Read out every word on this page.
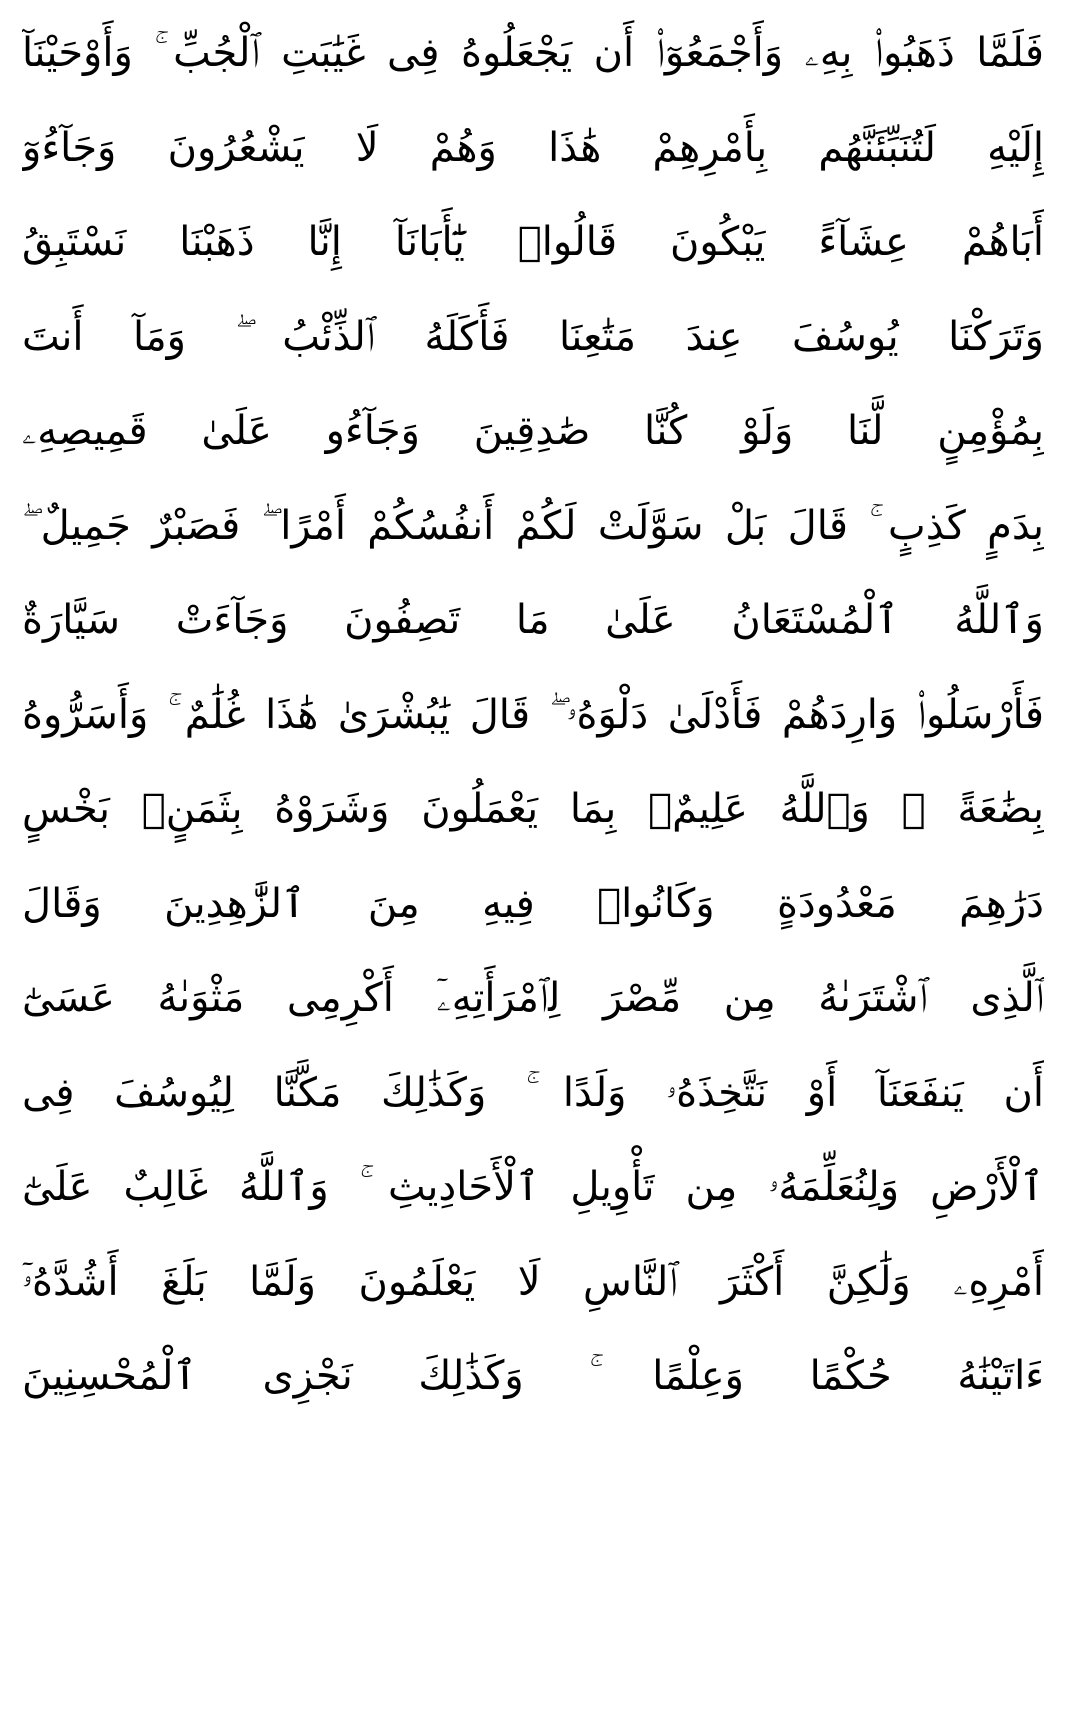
فَلَمَّا ذَهَبُوا۟ بِهِۦ وَأَجْمَعُوٓا۟ أَن يَجْعَلُوهُ فِى غَيَٰبَتِ ٱلْجُبِّ ۚ وَأَوْحَيْنَآ
إِلَيْهِ لَتُنَبِّئَنَّهُم بِأَمْرِهِمْ هَٰذَا وَهُمْ لَا يَشْعُرُونَ وَجَآءُوٓ
أَبَاهُمْ عِشَآءً يَبْكُونَ قَالُوا۟ يَٰٓأَبَانَآ إِنَّا ذَهَبْنَا نَسْتَبِقُ
وَتَرَكْنَا يُوسُفَ عِندَ مَتَٰعِنَا فَأَكَلَهُ ٱلذِّئْبُ ۖ وَمَآ أَنتَ
بِمُؤْمِنٍ لَّنَا وَلَوْ كُنَّا صَٰدِقِينَ وَجَآءُو عَلَىٰ قَمِيصِهِۦ
بِدَمٍ كَذِبٍ ۚ قَالَ بَلْ سَوَّلَتْ لَكُمْ أَنفُسُكُمْ أَمْرًا ۖ فَصَبْرٌ جَمِيلٌ ۖ
وَٱللَّهُ ٱلْمُسْتَعَانُ عَلَىٰ مَا تَصِفُونَ وَجَآءَتْ سَيَّارَةٌ
فَأَرْسَلُوا۟ وَارِدَهُمْ فَأَدْلَىٰ دَلْوَهُۥ ۖ قَالَ يَٰبُشْرَىٰ هَٰذَا غُلَٰمٌ ۚ وَأَسَرُّوهُ
بِضَٰعَةً ۚ وَٱللَّهُ عَلِيمٌۢ بِمَا يَعْمَلُونَ وَشَرَوْهُ بِثَمَنٍۭ بَخْسٍ
دَرَٰهِمَ مَعْدُودَةٍ وَكَانُوا۟ فِيهِ مِنَ ٱلزَّٰهِدِينَ وَقَالَ
ٱلَّذِى ٱشْتَرَىٰهُ مِن مِّصْرَ لِٱمْرَأَتِهِۦٓ أَكْرِمِى مَثْوَىٰهُ عَسَىٰٓ
أَن يَنفَعَنَآ أَوْ نَتَّخِذَهُۥ وَلَدًا ۚ وَكَذَٰلِكَ مَكَّنَّا لِيُوسُفَ فِى
ٱلْأَرْضِ وَلِنُعَلِّمَهُۥ مِن تَأْوِيلِ ٱلْأَحَادِيثِ ۚ وَٱللَّهُ غَالِبٌ عَلَىٰٓ
أَمْرِهِۦ وَلَٰكِنَّ أَكْثَرَ ٱلنَّاسِ لَا يَعْلَمُونَ وَلَمَّا بَلَغَ أَشُدَّهُۥٓ
ءَاتَيْنَٰهُ حُكْمًا وَعِلْمًا ۚ وَكَذَٰلِكَ نَجْزِى ٱلْمُحْسِنِينَ
